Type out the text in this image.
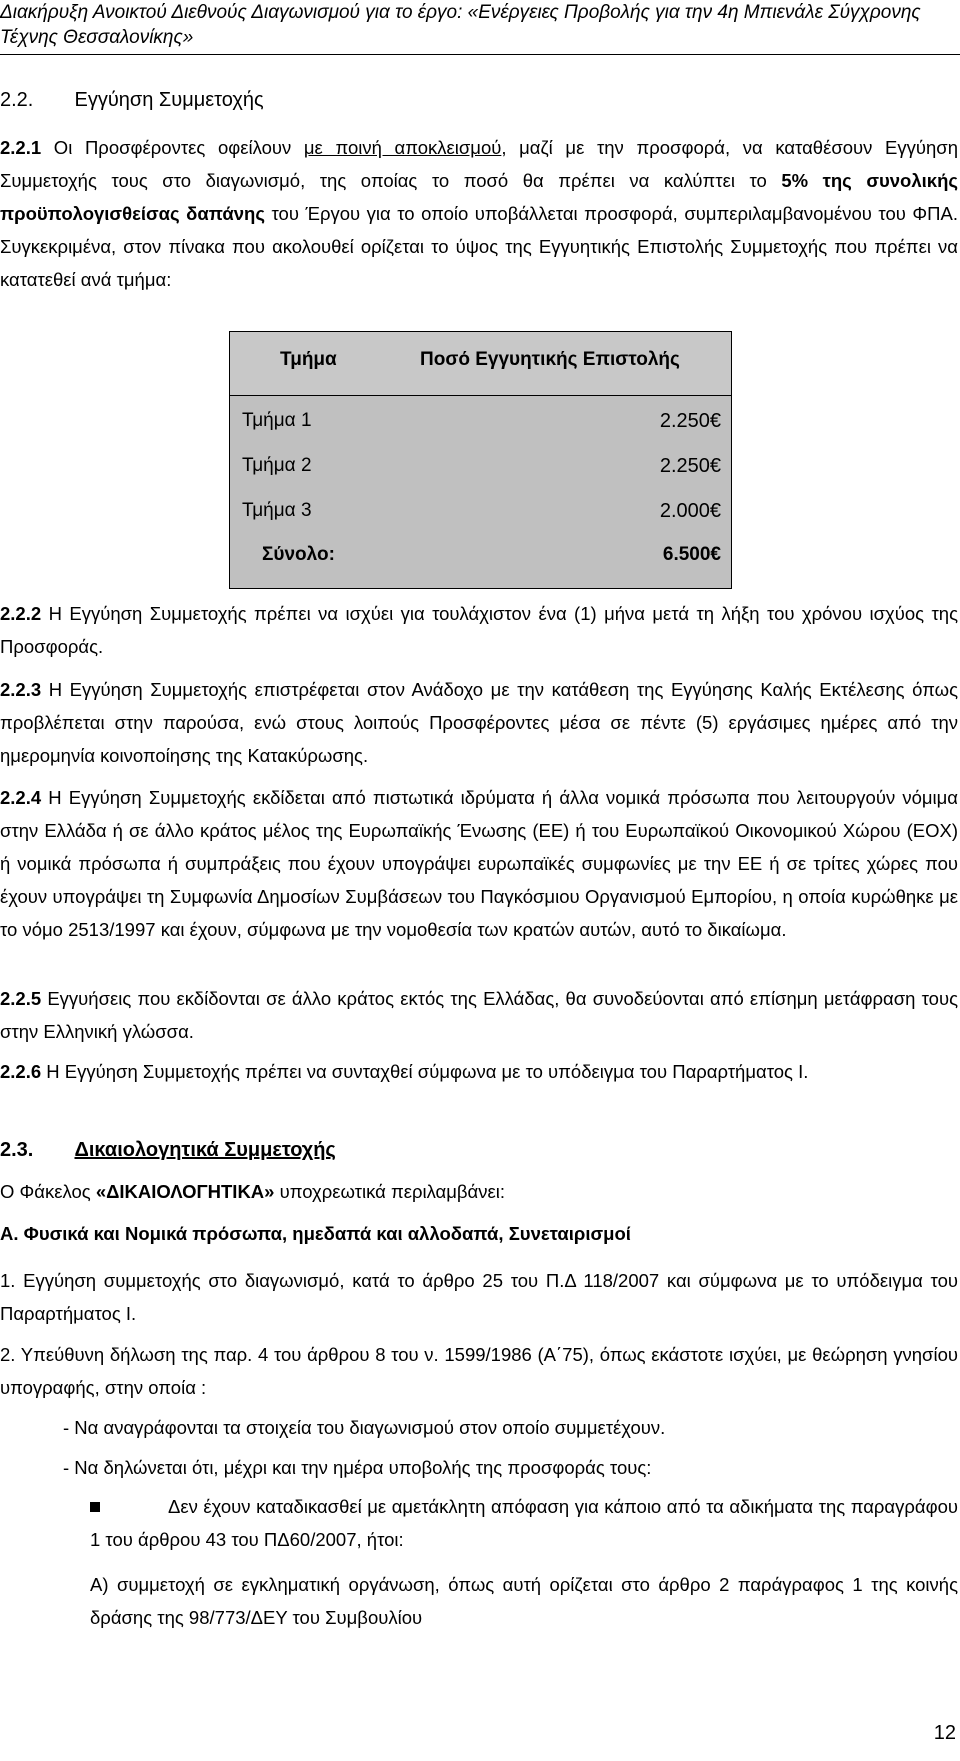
Διακήρυξη Ανοικτού Διεθνούς Διαγωνισμού για το έργο: «Ενέργειες Προβολής για την 4η Μπιενάλε Σύγχρονης
Τέχνης Θεσσαλονίκης»
2.2. Εγγύηση Συμμετοχής
2.2.1 Οι Προσφέροντες οφείλουν με ποινή αποκλεισμού, μαζί με την προσφορά, να καταθέσουν Εγγύηση Συμμετοχής τους στο διαγωνισμό, της οποίας το ποσό θα πρέπει να καλύπτει το 5% της συνολικής προϋπολογισθείσας δαπάνης του Έργου για το οποίο υποβάλλεται προσφορά, συμπεριλαμβανομένου του ΦΠΑ. Συγκεκριμένα, στον πίνακα που ακολουθεί ορίζεται το ύψος της Εγγυητικής Επιστολής Συμμετοχής που πρέπει να κατατεθεί ανά τμήμα:
Τμήμα	Ποσό Εγγυητικής Επιστολής
Τμήμα 1	2.250€
Τμήμα 2	2.250€
Τμήμα 3	2.000€
Σύνολο:	6.500€
2.2.2 Η Εγγύηση Συμμετοχής πρέπει να ισχύει για τουλάχιστον ένα (1) μήνα μετά τη λήξη του χρόνου ισχύος της Προσφοράς.
2.2.3 Η Εγγύηση Συμμετοχής επιστρέφεται στον Ανάδοχο με την κατάθεση της Εγγύησης Καλής Εκτέλεσης όπως προβλέπεται στην παρούσα, ενώ στους λοιπούς Προσφέροντες μέσα σε πέντε (5) εργάσιμες ημέρες από την ημερομηνία κοινοποίησης της Κατακύρωσης.
2.2.4 Η Εγγύηση Συμμετοχής εκδίδεται από πιστωτικά ιδρύματα ή άλλα νομικά πρόσωπα που λειτουργούν νόμιμα στην Ελλάδα ή σε άλλο κράτος μέλος της Ευρωπαϊκής Ένωσης (ΕΕ) ή του Ευρωπαϊκού Οικονομικού Χώρου (ΕΟΧ) ή νομικά πρόσωπα ή συμπράξεις που έχουν υπογράψει ευρωπαϊκές συμφωνίες με την ΕΕ ή σε τρίτες χώρες που έχουν υπογράψει τη Συμφωνία Δημοσίων Συμβάσεων του Παγκόσμιου Οργανισμού Εμπορίου, η οποία κυρώθηκε με το νόμο 2513/1997 και έχουν, σύμφωνα με την νομοθεσία των κρατών αυτών, αυτό το δικαίωμα.
2.2.5 Εγγυήσεις που εκδίδονται σε άλλο κράτος εκτός της Ελλάδας, θα συνοδεύονται από επίσημη μετάφραση τους στην Ελληνική γλώσσα.
2.2.6 Η Εγγύηση Συμμετοχής πρέπει να συνταχθεί σύμφωνα με το υπόδειγμα του Παραρτήματος Ι.
2.3. Δικαιολογητικά Συμμετοχής
Ο Φάκελος «ΔΙΚΑΙΟΛΟΓΗΤΙΚΑ» υποχρεωτικά περιλαμβάνει:
Α. Φυσικά και Νομικά πρόσωπα, ημεδαπά και αλλοδαπά, Συνεταιρισμοί
1. Εγγύηση συμμετοχής στο διαγωνισμό, κατά το άρθρο 25 του Π.Δ 118/2007 και σύμφωνα με το υπόδειγμα του Παραρτήματος Ι.
2. Υπεύθυνη δήλωση της παρ. 4 του άρθρου 8 του ν. 1599/1986 (Α΄75), όπως εκάστοτε ισχύει, με θεώρηση γνησίου υπογραφής, στην οποία :
- Να αναγράφονται τα στοιχεία του διαγωνισμού στον οποίο συμμετέχουν.
- Να δηλώνεται ότι, μέχρι και την ημέρα υποβολής της προσφοράς τους:
Δεν έχουν καταδικασθεί με αμετάκλητη απόφαση για κάποιο από τα αδικήματα της παραγράφου 1 του άρθρου 43 του ΠΔ60/2007, ήτοι:
Α) συμμετοχή σε εγκληματική οργάνωση, όπως αυτή ορίζεται στο άρθρο 2 παράγραφος 1 της κοινής δράσης της 98/773/ΔΕΥ του Συμβουλίου
12
